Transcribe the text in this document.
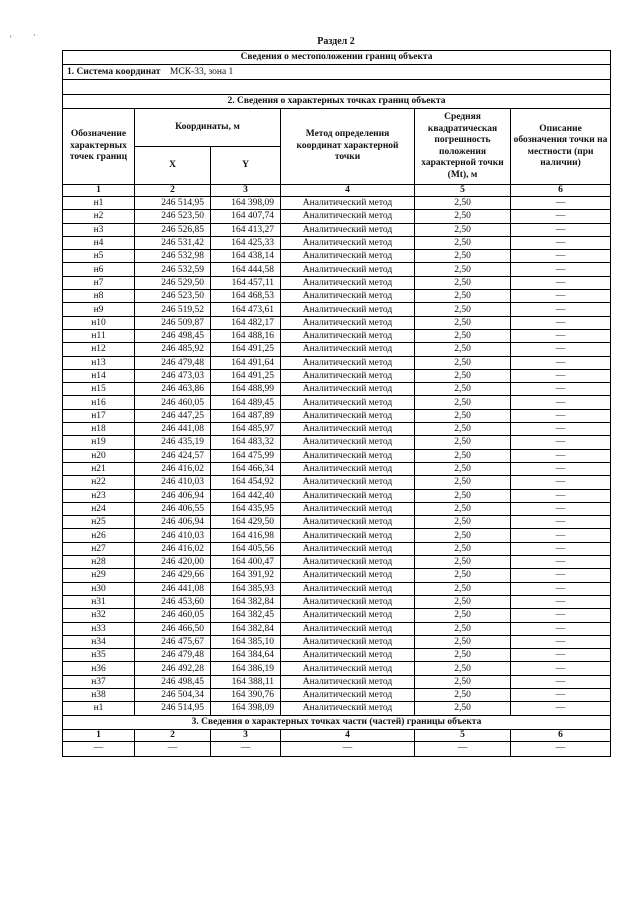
' ·
Раздел 2
Сведения о местоположении границ объекта					
1. Система координат МСК-33, зона 1					

2. Сведения о характерных точках границ объекта					
Обозначение характерных точек границ	Координаты, м		Метод определения координат характерной точки	Средняя квадратическая погрешность положения характерной точки (Mt), м	Описание обозначения точки на местности (при наличии)
	X	Y			
1	2	3	4	5	6
н1	246 514,95	164 398,09	Аналитический метод	2,50	—
н2	246 523,50	164 407,74	Аналитический метод	2,50	—
н3	246 526,85	164 413,27	Аналитический метод	2,50	—
н4	246 531,42	164 425,33	Аналитический метод	2,50	—
н5	246 532,98	164 438,14	Аналитический метод	2,50	—
н6	246 532,59	164 444,58	Аналитический метод	2,50	—
н7	246 529,50	164 457,11	Аналитический метод	2,50	—
н8	246 523,50	164 468,53	Аналитический метод	2,50	—
н9	246 519,52	164 473,61	Аналитический метод	2,50	—
н10	246 509,87	164 482,17	Аналитический метод	2,50	—
н11	246 498,45	164 488,16	Аналитический метод	2,50	—
н12	246 485,92	164 491,25	Аналитический метод	2,50	—
н13	246 479,48	164 491,64	Аналитический метод	2,50	—
н14	246 473,03	164 491,25	Аналитический метод	2,50	—
н15	246 463,86	164 488,99	Аналитический метод	2,50	—
н16	246 460,05	164 489,45	Аналитический метод	2,50	—
н17	246 447,25	164 487,89	Аналитический метод	2,50	—
н18	246 441,08	164 485,97	Аналитический метод	2,50	—
н19	246 435,19	164 483,32	Аналитический метод	2,50	—
н20	246 424,57	164 475,99	Аналитический метод	2,50	—
н21	246 416,02	164 466,34	Аналитический метод	2,50	—
н22	246 410,03	164 454,92	Аналитический метод	2,50	—
н23	246 406,94	164 442,40	Аналитический метод	2,50	—
н24	246 406,55	164 435,95	Аналитический метод	2,50	—
н25	246 406,94	164 429,50	Аналитический метод	2,50	—
н26	246 410,03	164 416,98	Аналитический метод	2,50	—
н27	246 416,02	164 405,56	Аналитический метод	2,50	—
н28	246 420,00	164 400,47	Аналитический метод	2,50	—
н29	246 429,66	164 391,92	Аналитический метод	2,50	—
н30	246 441,08	164 385,93	Аналитический метод	2,50	—
н31	246 453,60	164 382,84	Аналитический метод	2,50	—
н32	246 460,05	164 382,45	Аналитический метод	2,50	—
н33	246 466,50	164 382,84	Аналитический метод	2,50	—
н34	246 475,67	164 385,10	Аналитический метод	2,50	—
н35	246 479,48	164 384,64	Аналитический метод	2,50	—
н36	246 492,28	164 386,19	Аналитический метод	2,50	—
н37	246 498,45	164 388,11	Аналитический метод	2,50	—
н38	246 504,34	164 390,76	Аналитический метод	2,50	—
н1	246 514,95	164 398,09	Аналитический метод	2,50	—
3. Сведения о характерных точках части (частей) границы объекта					
1	2	3	4	5	6
—	—	—	—	—	—
